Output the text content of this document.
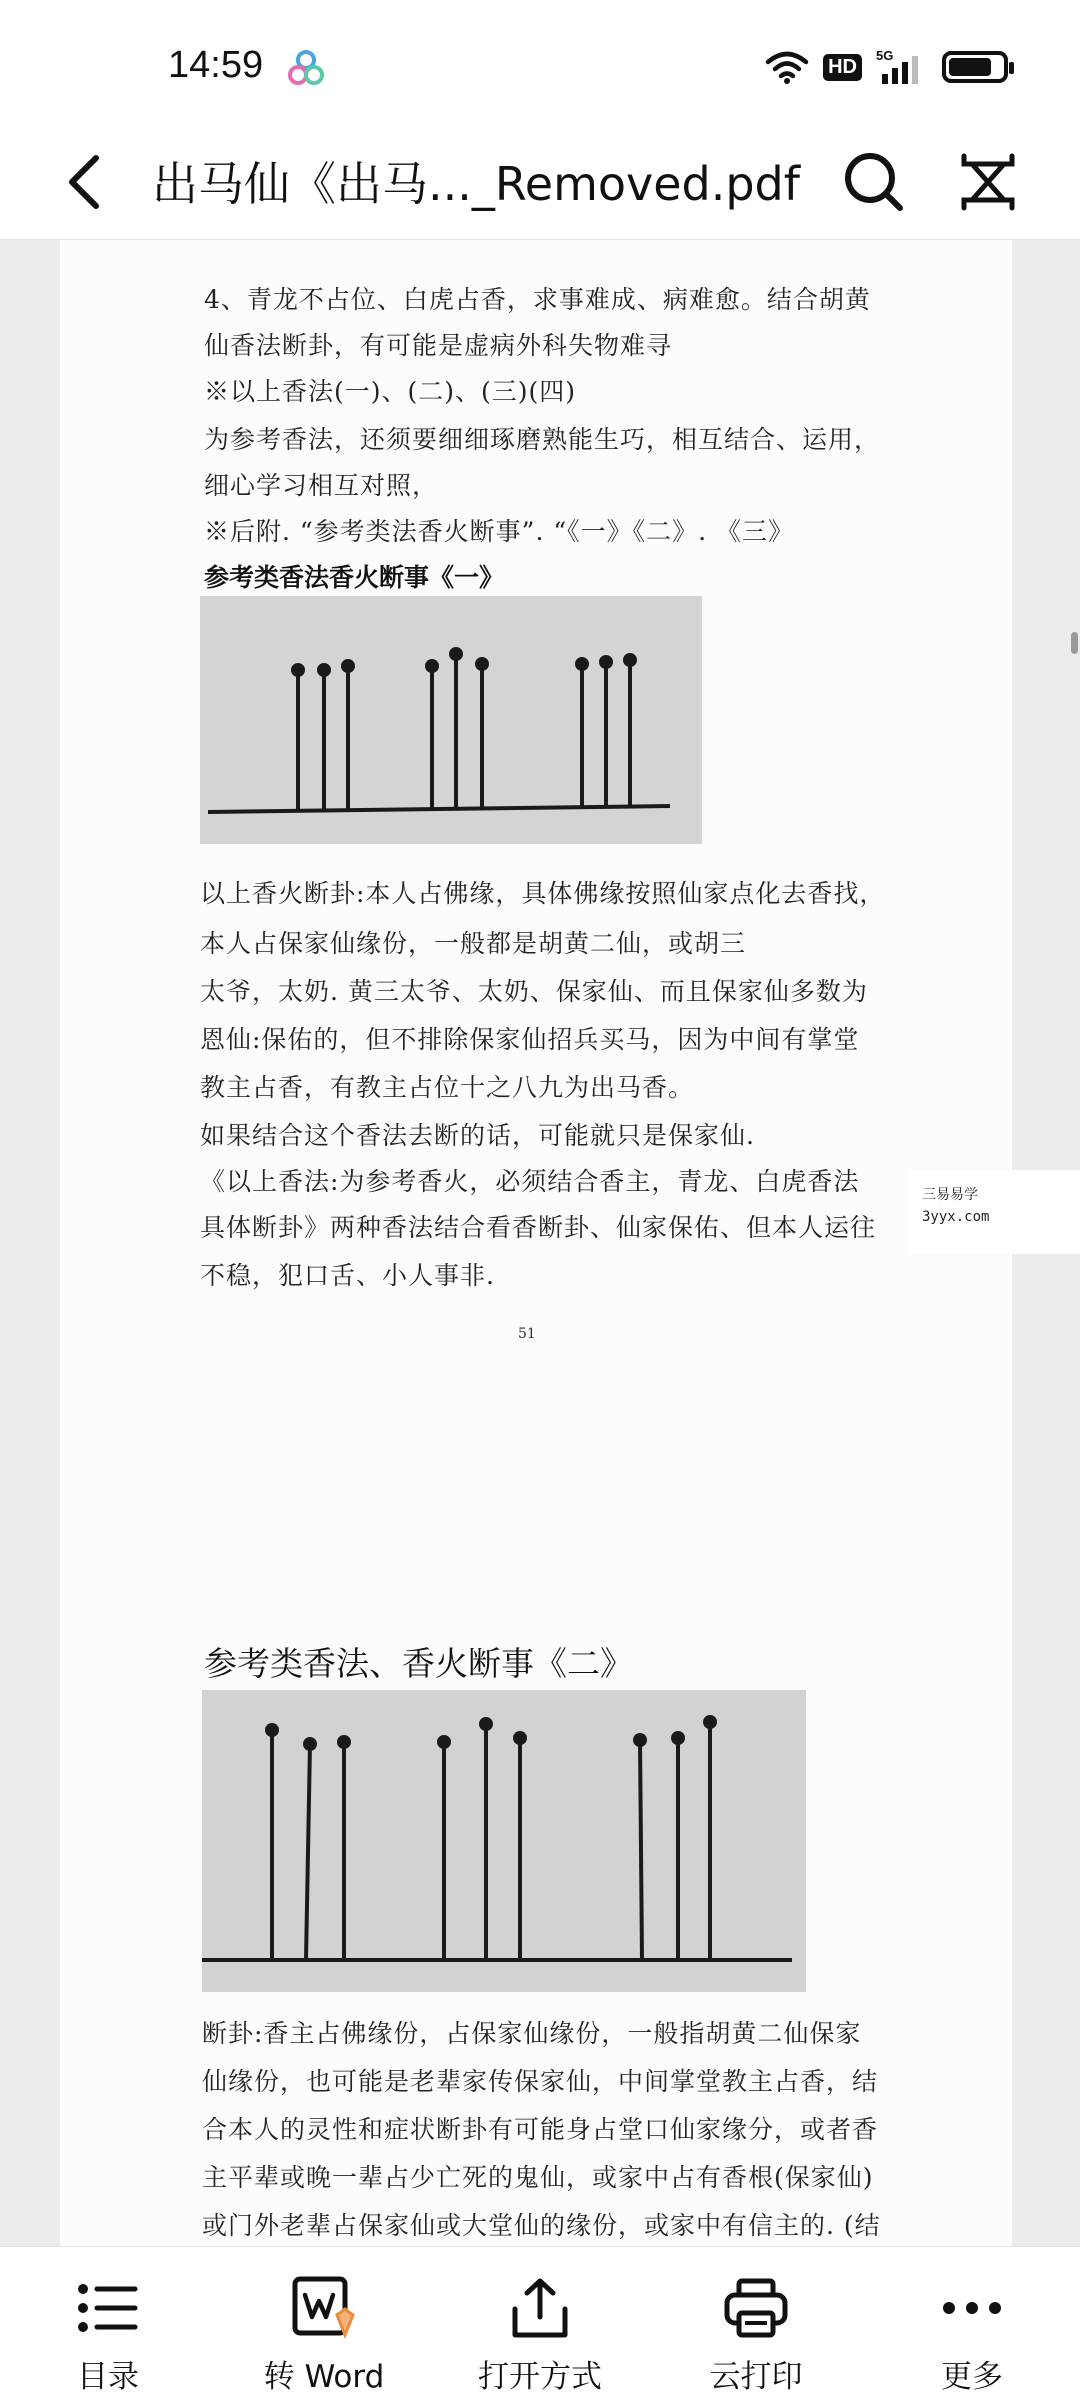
14:59	HD	5G
出马仙《出马..._Removed.pdf
4、青龙不占位、白虎占香，求事难成、病难愈。结合胡黄
仙香法断卦，有可能是虚病外科失物难寻
※以上香法(一)、(二)、(三)(四)
为参考香法，还须要细细琢磨熟能生巧，相互结合、运用，
细心学习相互对照，
※后附. “参考类法香火断事”. “《一》《二》. 《三》
参考类香法香火断事《一》
以上香火断卦:本人占佛缘，具体佛缘按照仙家点化去香找，
本人占保家仙缘份，一般都是胡黄二仙，或胡三
太爷，太奶. 黄三太爷、太奶、保家仙、而且保家仙多数为
恩仙:保佑的，但不排除保家仙招兵买马，因为中间有掌堂
教主占香，有教主占位十之八九为出马香。
如果结合这个香法去断的话，可能就只是保家仙.
《以上香法:为参考香火，必须结合香主，青龙、白虎香法
具体断卦》两种香法结合看香断卦、仙家保佑、但本人运往
不稳，犯口舌、小人事非.
51
参考类香法、香火断事《二》
断卦:香主占佛缘份，占保家仙缘份，一般指胡黄二仙保家
仙缘份，也可能是老辈家传保家仙，中间掌堂教主占香，结
合本人的灵性和症状断卦有可能身占堂口仙家缘分，或者香
主平辈或晚一辈占少亡死的鬼仙，或家中占有香根(保家仙)
或门外老辈占保家仙或大堂仙的缘份，或家中有信主的. (结
三易易学
3yyx.com
目录	转 Word	打开方式	云打印	更多
